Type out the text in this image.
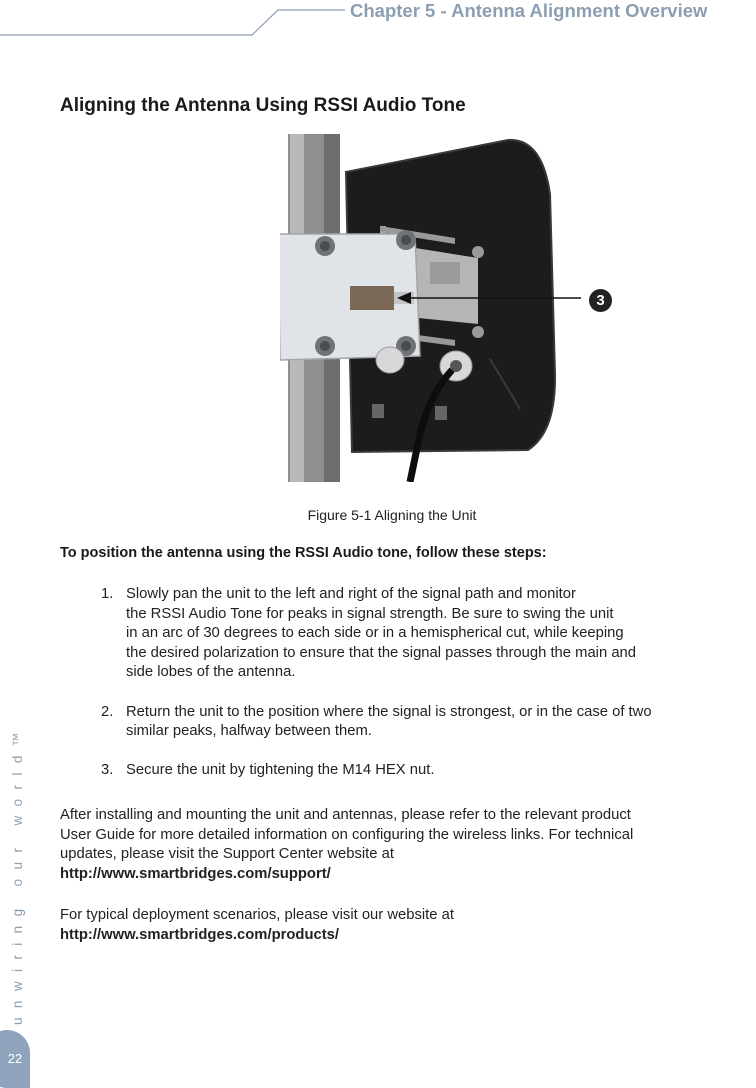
Chapter 5 - Antenna Alignment Overview
Aligning the Antenna Using RSSI Audio Tone
3
Figure 5-1 Aligning the Unit
To position the antenna using the RSSI Audio tone, follow these steps:
1. Slowly pan the unit to the left and right of the signal path and monitor
the RSSI Audio Tone for peaks in signal strength. Be sure to swing the unit
in an arc of 30 degrees to each side or in a hemispherical cut, while keeping
the desired polarization to ensure that the signal passes through the main and
side lobes of the antenna.
2. Return the unit to the position where the signal is strongest, or in the case of two
similar peaks, halfway between them.
3. Secure the unit by tightening the M14 HEX nut.
After installing and mounting the unit and antennas, please refer to the relevant product
User Guide for more detailed information on configuring the wireless links. For technical
updates, please visit the Support Center website at
http://www.smartbridges.com/support/
For typical deployment scenarios, please visit our website at
http://www.smartbridges.com/products/
unwiring our world™
22
